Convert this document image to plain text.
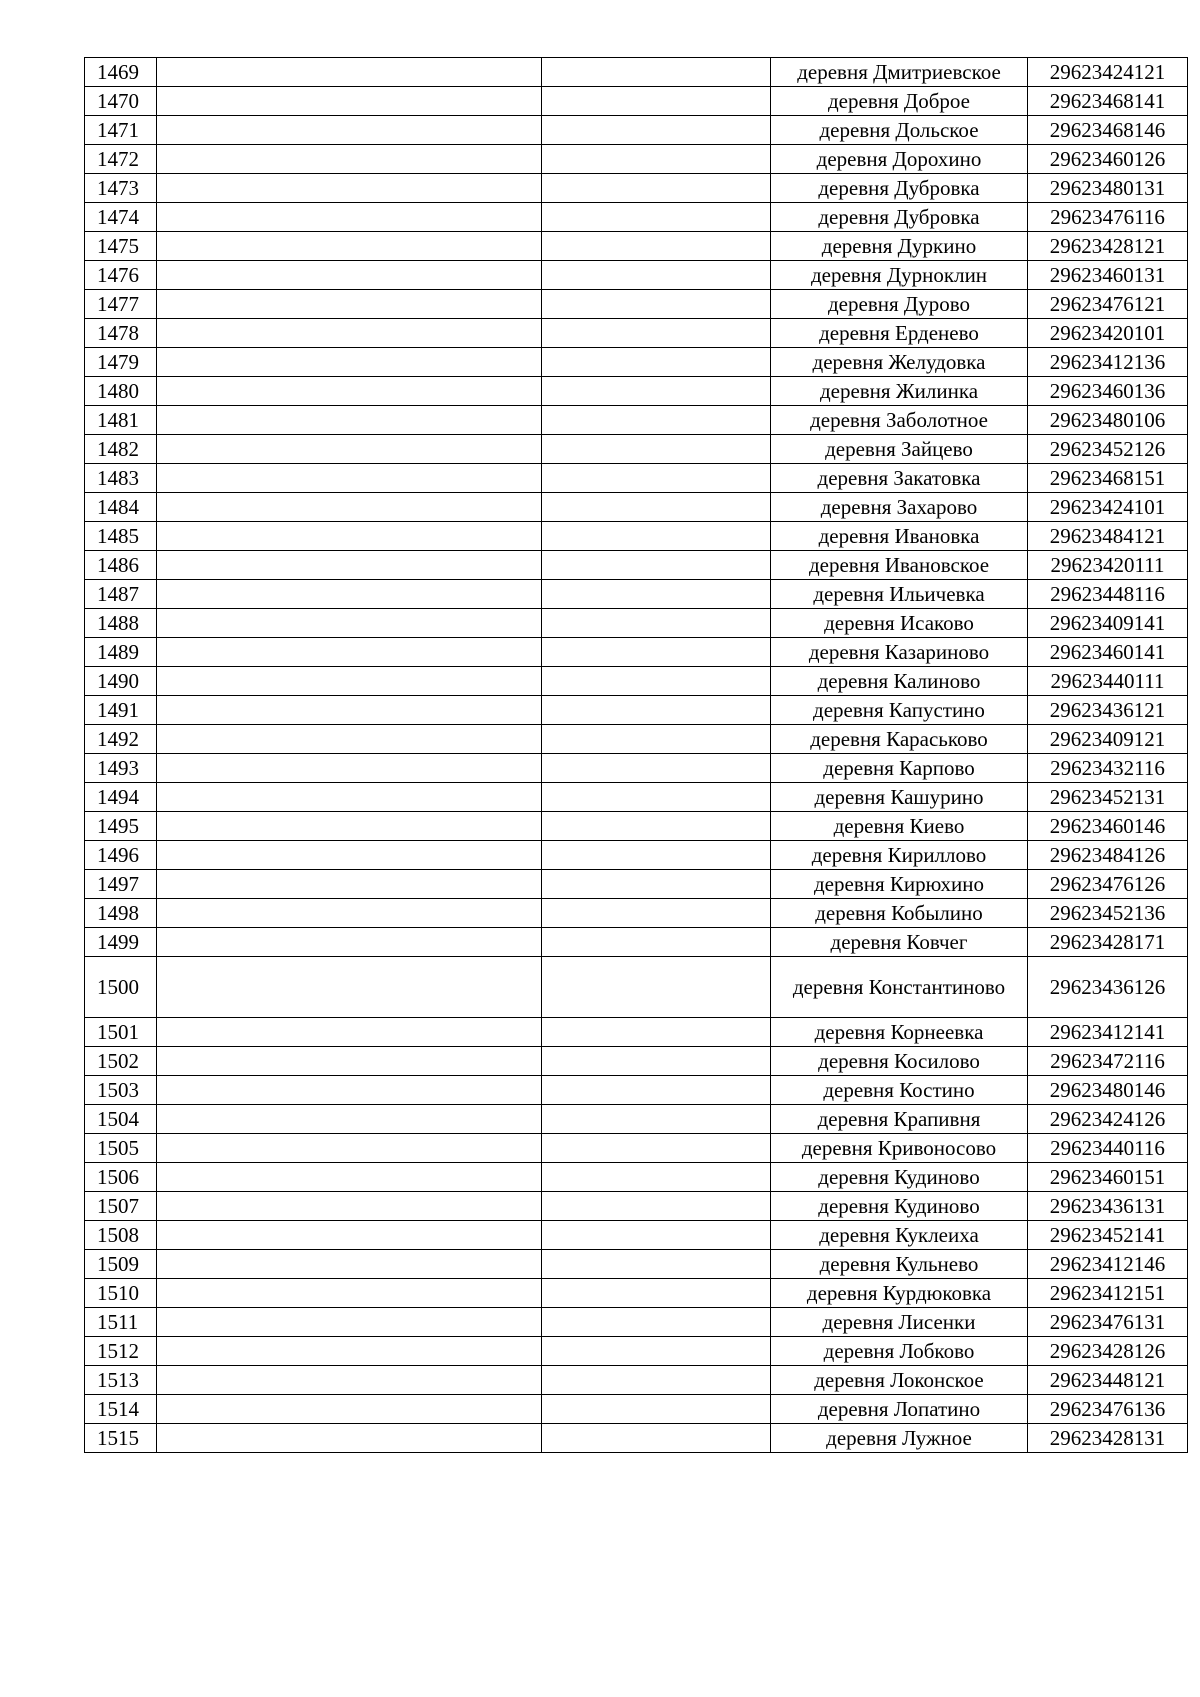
1469			деревня Дмитриевское	29623424121
1470			деревня Доброе	29623468141
1471			деревня Дольское	29623468146
1472			деревня Дорохино	29623460126
1473			деревня Дубровка	29623480131
1474			деревня Дубровка	29623476116
1475			деревня Дуркино	29623428121
1476			деревня Дурноклин	29623460131
1477			деревня Дурово	29623476121
1478			деревня Ерденево	29623420101
1479			деревня Желудовка	29623412136
1480			деревня Жилинка	29623460136
1481			деревня Заболотное	29623480106
1482			деревня Зайцево	29623452126
1483			деревня Закатовка	29623468151
1484			деревня Захарово	29623424101
1485			деревня Ивановка	29623484121
1486			деревня Ивановское	29623420111
1487			деревня Ильичевка	29623448116
1488			деревня Исаково	29623409141
1489			деревня Казариново	29623460141
1490			деревня Калиново	29623440111
1491			деревня Капустино	29623436121
1492			деревня Караськово	29623409121
1493			деревня Карпово	29623432116
1494			деревня Кашурино	29623452131
1495			деревня Киево	29623460146
1496			деревня Кириллово	29623484126
1497			деревня Кирюхино	29623476126
1498			деревня Кобылино	29623452136
1499			деревня Ковчег	29623428171
1500			деревня Константиново	29623436126
1501			деревня Корнеевка	29623412141
1502			деревня Косилово	29623472116
1503			деревня Костино	29623480146
1504			деревня Крапивня	29623424126
1505			деревня Кривоносово	29623440116
1506			деревня Кудиново	29623460151
1507			деревня Кудиново	29623436131
1508			деревня Куклеиха	29623452141
1509			деревня Кульнево	29623412146
1510			деревня Курдюковка	29623412151
1511			деревня Лисенки	29623476131
1512			деревня Лобково	29623428126
1513			деревня Локонское	29623448121
1514			деревня Лопатино	29623476136
1515			деревня Лужное	29623428131
